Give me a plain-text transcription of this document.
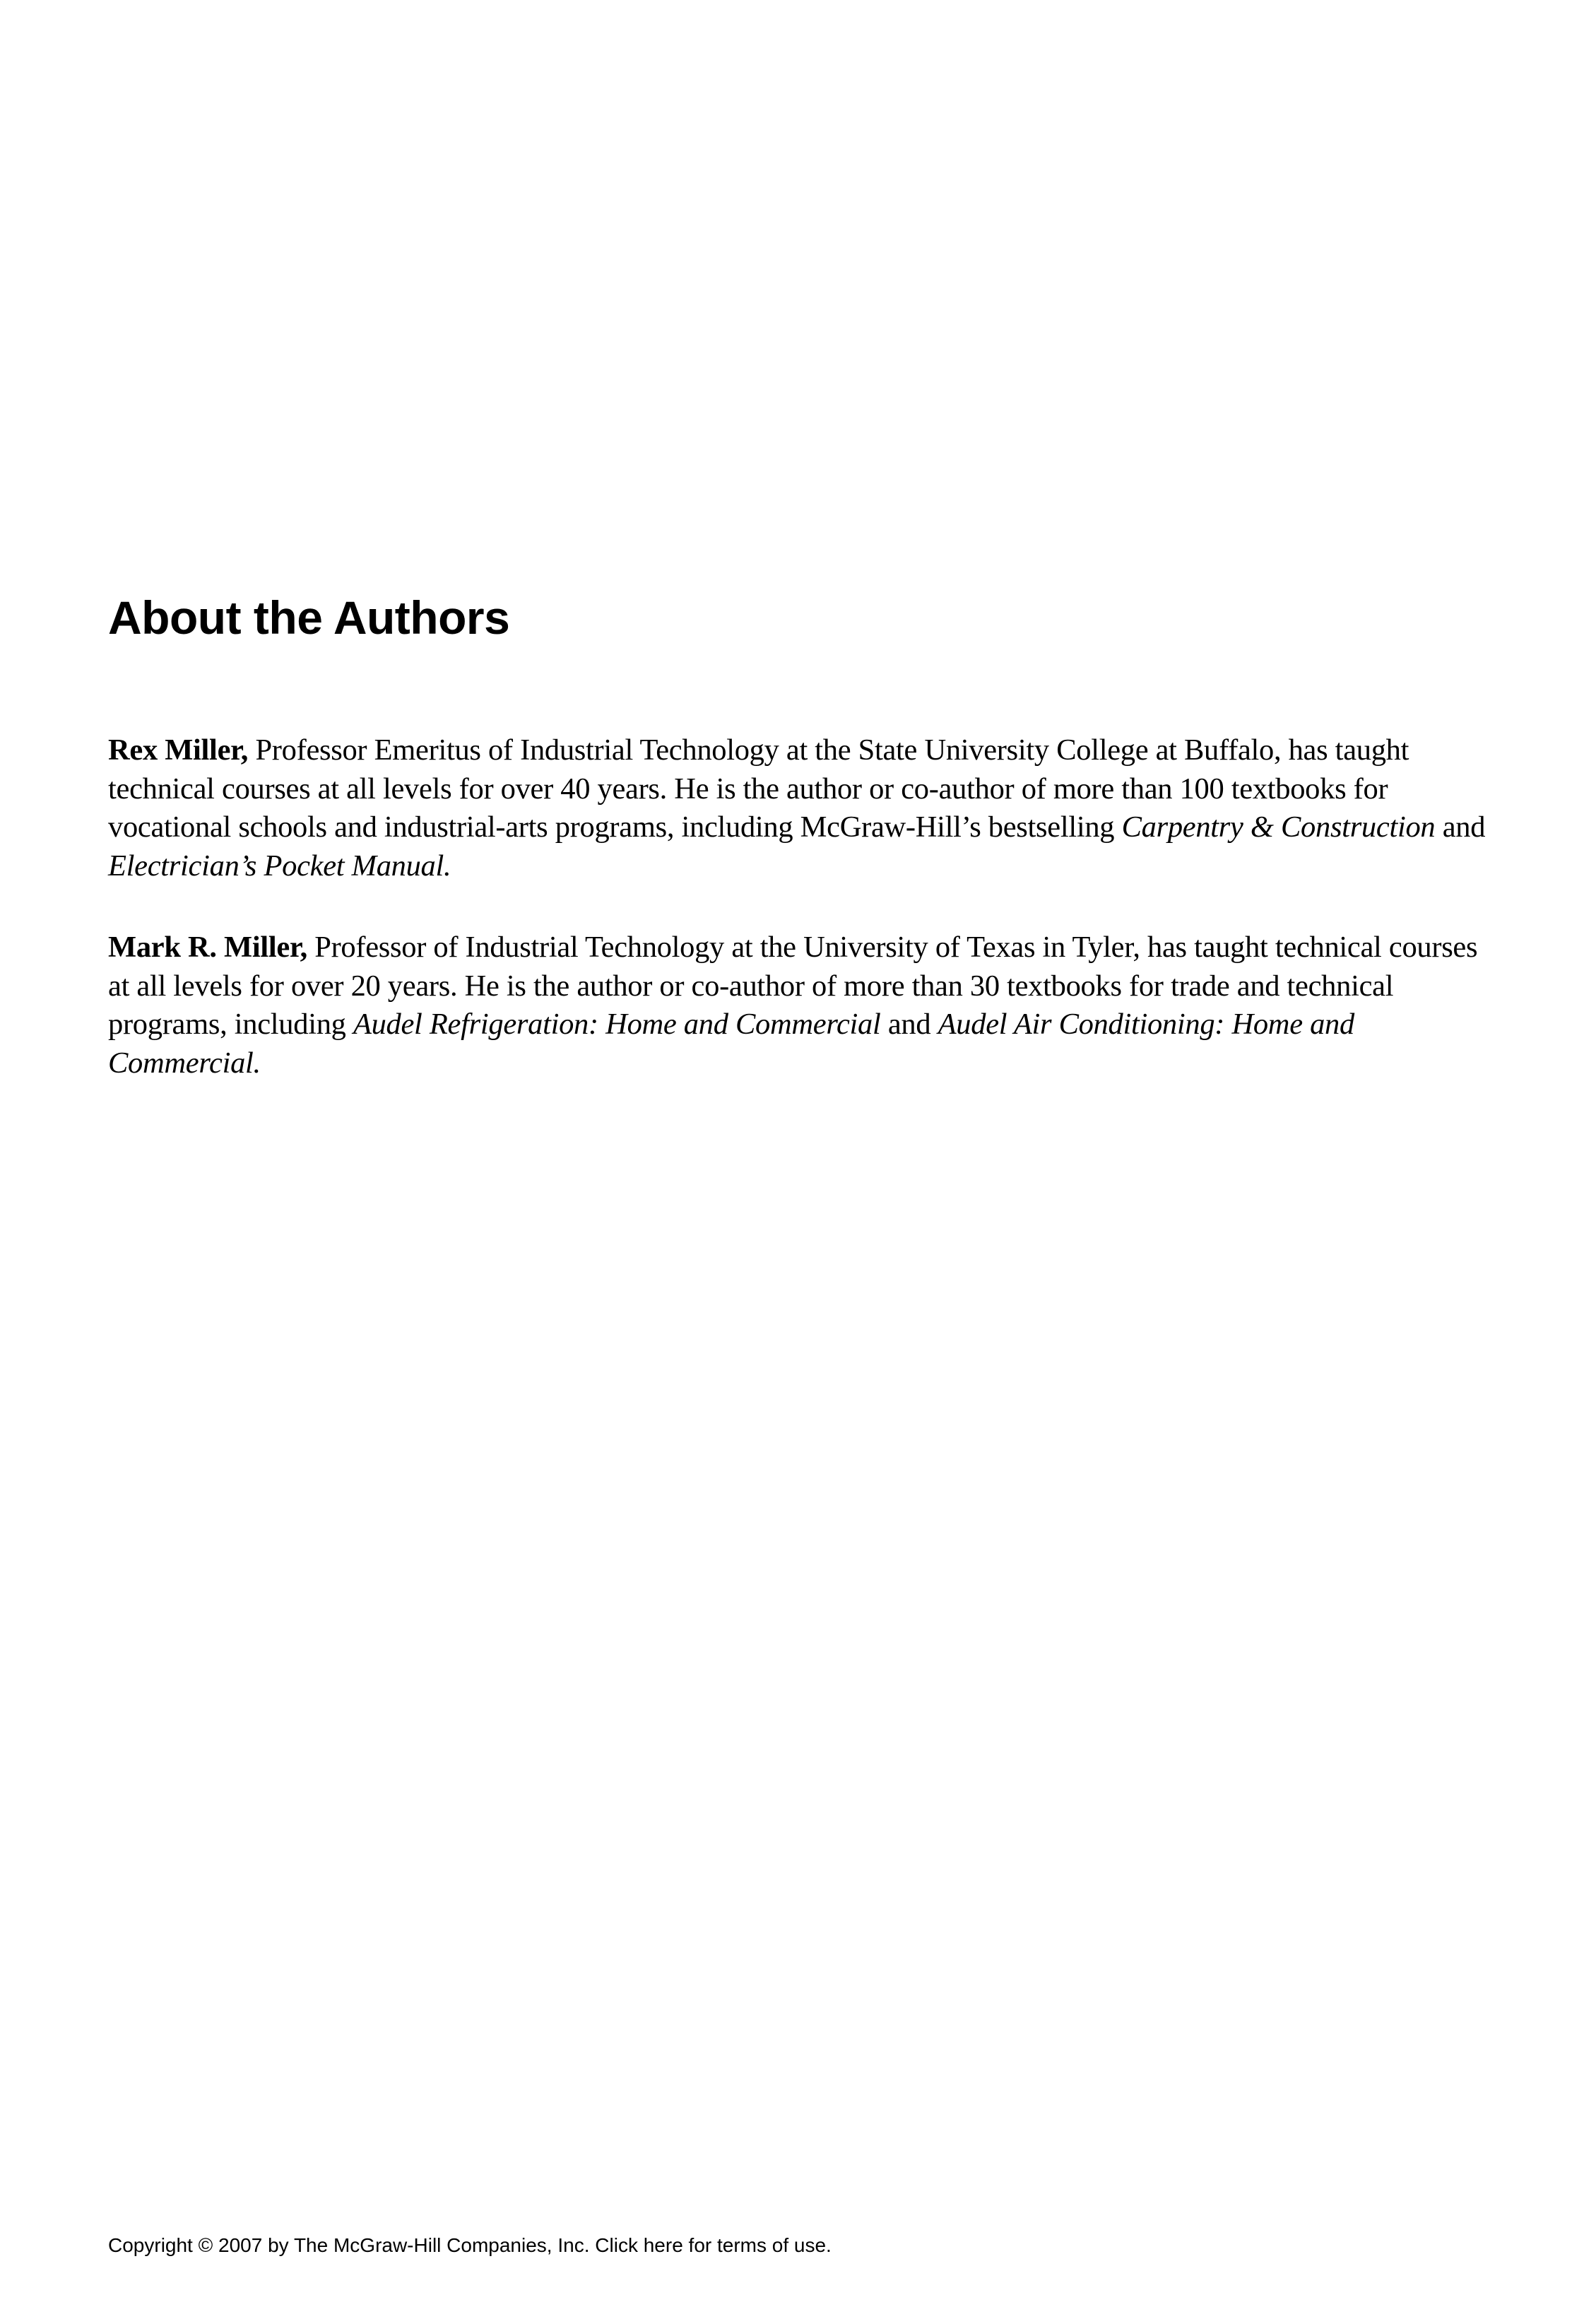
About the Authors

Rex Miller, Professor Emeritus of Industrial Technology at the State University College at Buffalo, has taught technical courses at all levels for over 40 years. He is the author or co-author of more than 100 textbooks for vocational schools and industrial-arts programs, including McGraw-Hill’s bestselling Carpentry & Construction and Electrician’s Pocket Manual.

Mark R. Miller, Professor of Industrial Technology at the University of Texas in Tyler, has taught technical courses at all levels for over 20 years. He is the author or co-author of more than 30 textbooks for trade and technical programs, including Audel Refrigeration: Home and Commercial and Audel Air Conditioning: Home and Commercial.

Copyright © 2007 by The McGraw-Hill Companies, Inc. Click here for terms of use.
